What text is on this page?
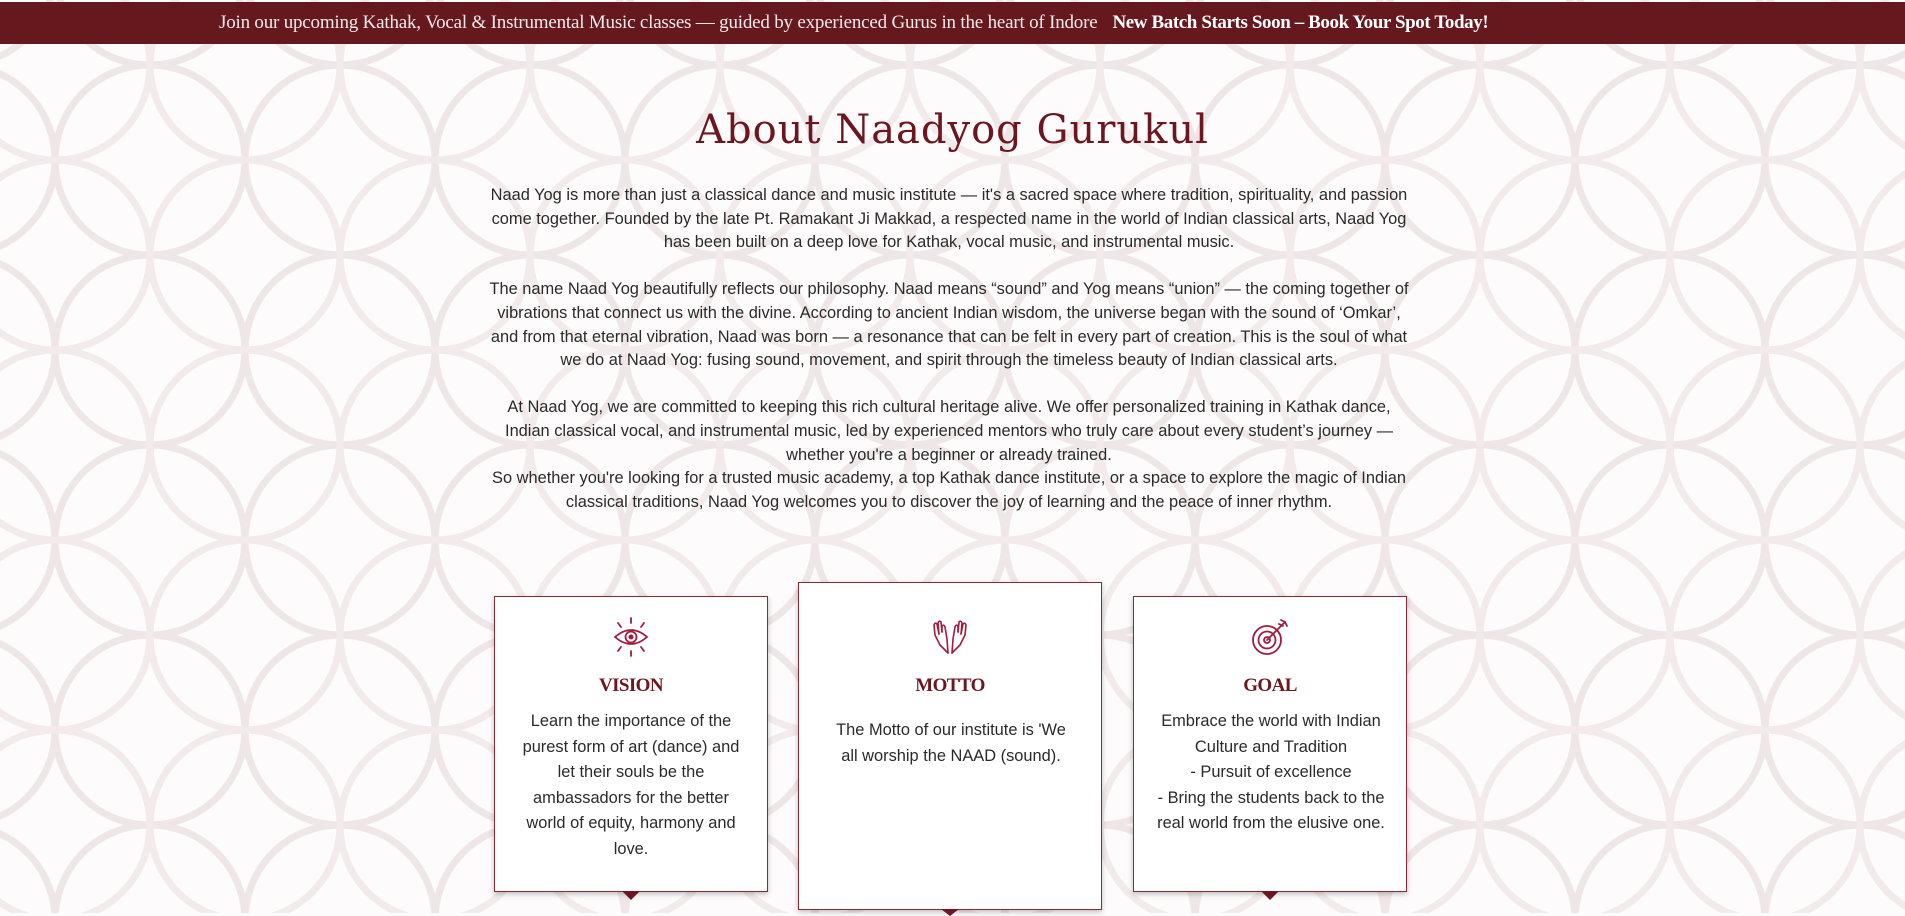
Join our upcoming Kathak, Vocal & Instrumental Music classes — guided by experienced Gurus in the heart of Indore New Batch Starts Soon – Book Your Spot Today!
About Naadyog Gurukul

Naad Yog is more than just a classical dance and music institute — it's a sacred space where tradition, spirituality, and passion come together. Founded by the late Pt. Ramakant Ji Makkad, a respected name in the world of Indian classical arts, Naad Yog has been built on a deep love for Kathak, vocal music, and instrumental music.

The name Naad Yog beautifully reflects our philosophy. Naad means “sound” and Yog means “union” — the coming together of vibrations that connect us with the divine. According to ancient Indian wisdom, the universe began with the sound of ‘Omkar’, and from that eternal vibration, Naad was born — a resonance that can be felt in every part of creation. This is the soul of what we do at Naad Yog: fusing sound, movement, and spirit through the timeless beauty of Indian classical arts.

At Naad Yog, we are committed to keeping this rich cultural heritage alive. We offer personalized training in Kathak dance, Indian classical vocal, and instrumental music, led by experienced mentors who truly care about every student’s journey — whether you're a beginner or already trained.

So whether you're looking for a trusted music academy, a top Kathak dance institute, or a space to explore the magic of Indian classical traditions, Naad Yog welcomes you to discover the joy of learning and the peace of inner rhythm.

VISION
Learn the importance of the purest form of art (dance) and let their souls be the ambassadors for the better world of equity, harmony and love.
MOTTO
The Motto of our institute is 'We all worship the NAAD (sound).
GOAL
Embrace the world with Indian Culture and Tradition
- Pursuit of excellence
- Bring the students back to the real world from the elusive one.
